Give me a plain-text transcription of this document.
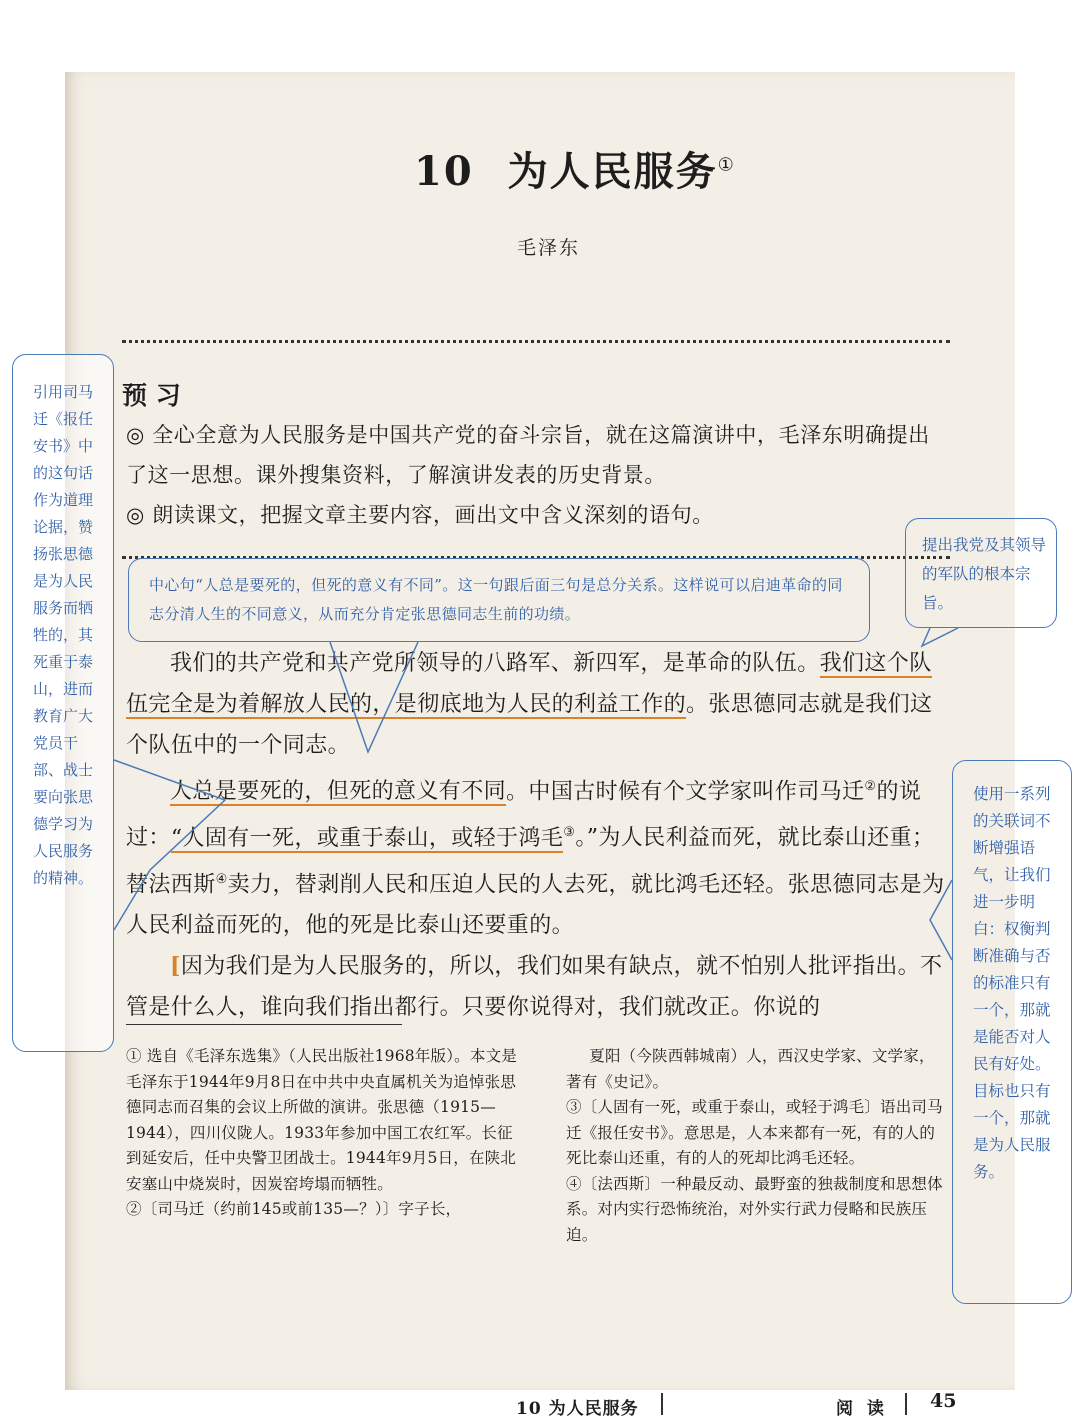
10 为人民服务①
毛泽东
预 习
◎ 全心全意为人民服务是中国共产党的奋斗宗旨，就在这篇演讲中，毛泽东明确提出了这一思想。课外搜集资料，了解演讲发表的历史背景。
◎ 朗读课文，把握文章主要内容，画出文中含义深刻的语句。

我们的共产党和共产党所领导的八路军、新四军，是革命的队伍。我们这个队伍完全是为着解放人民的，是彻底地为人民的利益工作的。张思德同志就是我们这个队伍中的一个同志。

人总是要死的，但死的意义有不同。中国古时候有个文学家叫作司马迁②的说过：“人固有一死，或重于泰山，或轻于鸿毛③。”为人民利益而死，就比泰山还重；替法西斯④卖力，替剥削人民和压迫人民的人去死，就比鸿毛还轻。张思德同志是为人民利益而死的，他的死是比泰山还要重的。

[因为我们是为人民服务的，所以，我们如果有缺点，就不怕别人批评指出。不管是什么人，谁向我们指出都行。只要你说得对，我们就改正。你说的

① 选自《毛泽东选集》（人民出版社1968年版）。本文是毛泽东于1944年9月8日在中共中央直属机关为追悼张思德同志而召集的会议上所做的演讲。张思德（1915—1944），四川仪陇人。1933年参加中国工农红军。长征到延安后，任中央警卫团战士。1944年9月5日，在陕北安塞山中烧炭时，因炭窑垮塌而牺牲。

②〔司马迁（约前145或前135—？）〕字子长，

夏阳（今陕西韩城南）人，西汉史学家、文学家，著有《史记》。

③〔人固有一死，或重于泰山，或轻于鸿毛〕语出司马迁《报任安书》。意思是，人本来都有一死，有的人的死比泰山还重，有的人的死却比鸿毛还轻。

④〔法西斯〕一种最反动、最野蛮的独裁制度和思想体系。对内实行恐怖统治，对外实行武力侵略和民族压迫。

10 为人民服务	阅 读 45
引用司马迁《报任安书》中的这句话作为道理论据，赞扬张思德是为人民服务而牺牲的，其死重于泰山，进而教育广大党员干部、战士要向张思德学习为人民服务的精神。
中心句“人总是要死的，但死的意义有不同”。这一句跟后面三句是总分关系。这样说可以启迪革命的同志分清人生的不同意义，从而充分肯定张思德同志生前的功绩。
提出我党及其领导的军队的根本宗旨。
使用一系列的关联词不断增强语气，让我们进一步明白：权衡判断准确与否的标准只有一个，那就是能否对人民有好处。目标也只有一个，那就是为人民服务。
